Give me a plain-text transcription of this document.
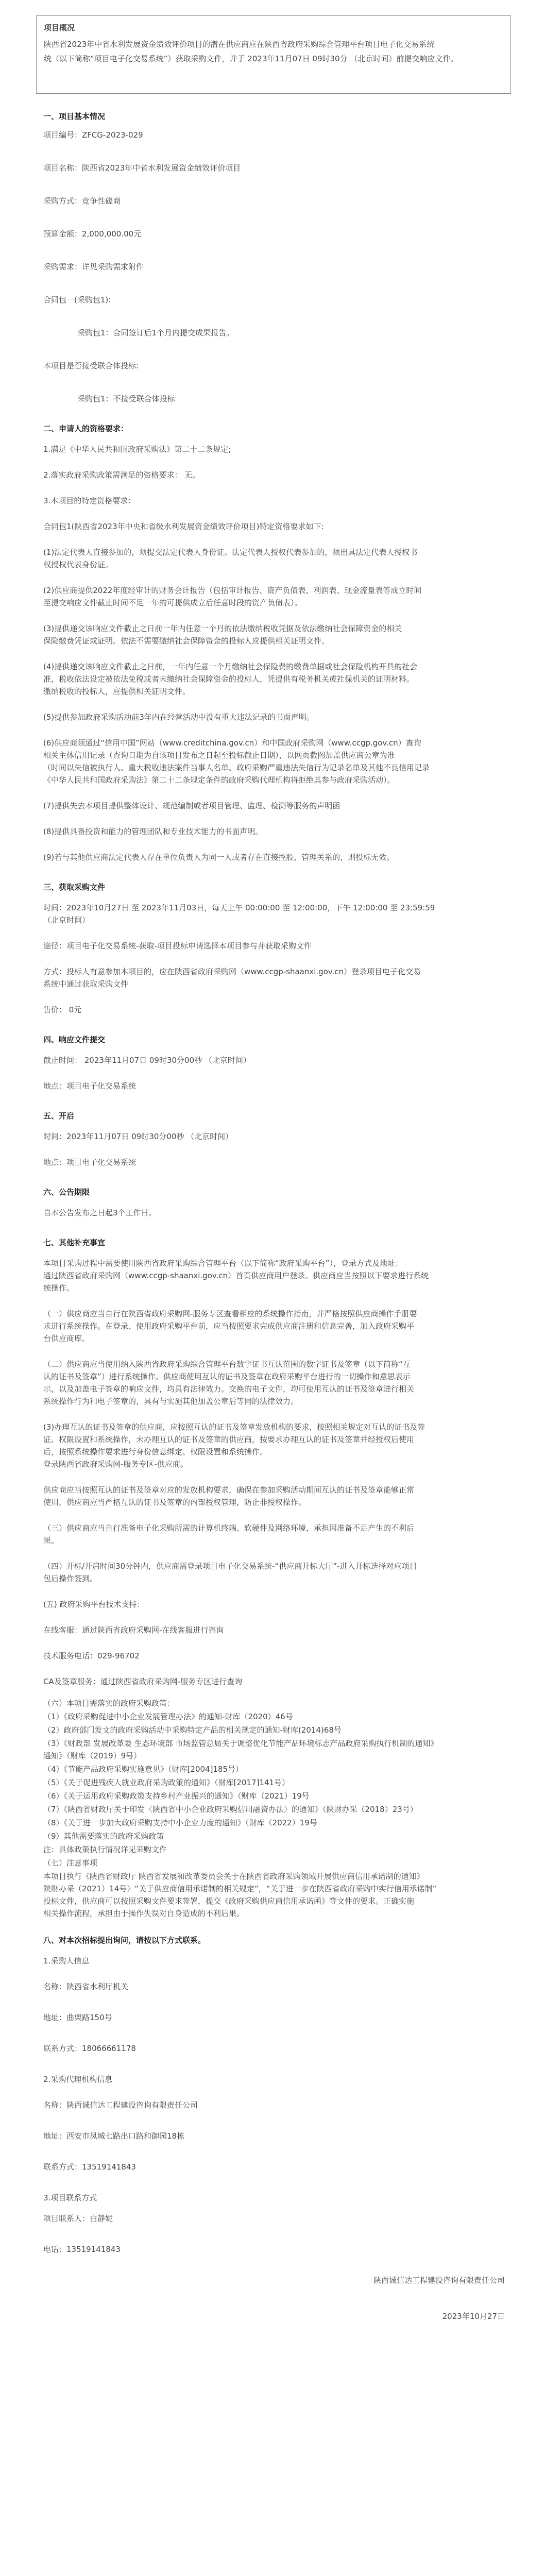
项目概况
陕西省2023年中省水利发展资金绩效评价项目的潜在供应商应在陕西省政府采购综合管理平台项目电子化交易系统
统（以下简称“项目电子化交易系统”）获取采购文件，并于 2023年11月07日 09时30分 （北京时间）前提交响应文件。
一、项目基本情况
项目编号：ZFCG-2023-029
项目名称：陕西省2023年中省水利发展资金绩效评价项目
采购方式：竞争性磋商
预算金额：2,000,000.00元
采购需求：详见采购需求附件
合同包一(采购包1):
采购包1：合同签订后1个月内提交成果报告。
本项目是否接受联合体投标:
采购包1：不接受联合体投标
二、申请人的资格要求：
1.满足《中华人民共和国政府采购法》第二十二条规定;
2.落实政府采购政策需满足的资格要求： 无。
3.本项目的特定资格要求：
合同包1(陕西省2023年中央和省级水利发展资金绩效评价项目)特定资格要求如下:
(1)法定代表人直接参加的，须提交法定代表人身份证。法定代表人授权代表参加的，须出具法定代表人授权书
权授权代表身份证。
(2)供应商提供2022年度经审计的财务会计报告（包括审计报告、资产负债表、利润表、现金流量表等成立时间
至提交响应文件截止时间不足一年的可提供成立后任意时段的资产负债表）。
(3)提供递交该响应文件截止之日前一年内任意一个月的依法缴纳税收凭据及依法缴纳社会保障资金的相关
保险缴费凭证或证明。依法不需要缴纳社会保障资金的投标人应提供相关证明文件。
(4)提供递交该响应文件截止之日前，一年内任意一个月缴纳社会保险费的缴费单据或社会保险机构开具的社会
准，税收依法设定被依法免税或者未缴纳社会保障资金的投标人，凭提供有税务机关或社保机关的证明材料。
缴纳税收的投标人，应提供相关证明文件。
(5)提供参加政府采购活动前3年内在经营活动中没有重大违法记录的书面声明。
(6)供应商须通过“信用中国”网站（www.creditchina.gov.cn）和中国政府采购网（www.ccgp.gov.cn）查询
相关主体信用记录（查询日期为自该项目发布之日起至投标截止日期），以网页截图加盖供应商公章为准
（时间以失信被执行人、重大税收违法案件当事人名单、政府采购严重违法失信行为记录名单及其他不良信用记录
《中华人民共和国政府采购法》第二十二条规定条件的政府采购代理机构将拒绝其参与政府采购活动）。
(7)提供失去本项目提供整体设计、规范编制或者项目管理、监理、检测等服务的声明函
(8)提供具备投资和能力的管理团队和专业技术能力的书面声明。
(9)若与其他供应商法定代表人存在单位负责人为同一人或者存在直接控股、管理关系的，则投标无效。
三、获取采购文件
时间：2023年10月27日 至 2023年11月03日，每天上午 00:00:00 至 12:00:00，下午 12:00:00 至 23:59:59
（北京时间）
途径：项目电子化交易系统-获取-项目投标申请选择本项目参与并获取采购文件
方式：投标人有意参加本项目的，应在陕西省政府采购网（www.ccgp-shaanxi.gov.cn）登录项目电子化交易
系统中通过获取采购文件
售价： 0元
四、响应文件提交
截止时间： 2023年11月07日 09时30分00秒 （北京时间）
地点：项目电子化交易系统
五、开启
时间：2023年11月07日 09时30分00秒 （北京时间）
地点：项目电子化交易系统
六、公告期限
自本公告发布之日起3个工作日。
七、其他补充事宜
本项目采购过程中需要使用陕西省政府采购综合管理平台（以下简称“政府采购平台”），登录方式及地址：
通过陕西省政府采购网（www.ccgp-shaanxi.gov.cn）首页供应商用户登录。供应商应当按照以下要求进行系统
统操作。
（一）供应商应当自行在陕西省政府采购网-服务专区查看相应的系统操作指南，并严格按照供应商操作手册要
求进行系统操作。在登录、使用政府采购平台前，应当按照要求完成供应商注册和信息完善，加入政府采购平
台供应商库。
（二）供应商应当使用纳入陕西省政府采购综合管理平台数字证书互认范围的数字证书及签章（以下简称“互
认的证书及签章”）进行系统操作。供应商使用互认的证书及签章在政府采购平台进行的一切操作和意思表示
示，以及加盖电子签章的响应文件，均具有法律效力。交换的电子文件，均可使用互认的证书及签章进行相关
系统操作行为和电子签章的，具有与实施其他加盖公章后等同的法律效力。
(3)办理互认的证书及签章的供应商，应按照互认的证书及签章发放机构的要求，按照相关规定对互认的证书及签
证、权限设置和系统操作，未办理互认的证书及签章的供应商，按要求办理互认的证书及签章并经授权后使用
后，按照系统操作要求进行身份信息绑定、权限设置和系统操作。
登录陕西省政府采购网-服务专区-供应商。
供应商应当按照互认的证书及签章对应的发放机构要求，确保在参加采购活动期间互认的证书及签章能够正常
使用，供应商应当严格互认的证书及签章的内部授权管理，防止非授权操作。
（三）供应商应当自行准备电子化采购所需的计算机终端、软硬件及网络环境，承担因准备不足产生的不利后
果。
（四）开标/开启时间30分钟内，供应商需登录项目电子化交易系统-“供应商开标大厅”-进入开标选择对应项目
包后操作签到。
(五) 政府采购平台技术支持：
在线客服：通过陕西省政府采购网-在线客服进行咨询
技术服务电话：029-96702
CA及签章服务：通过陕西省政府采购网-服务专区进行查询
（六）本项目需落实的政府采购政策：
（1）《政府采购促进中小企业发展管理办法》的通知-财库（2020）46号
（2）政府部门发文的政府采购活动中采购特定产品的相关规定的通知-财库(2014)68号
（3）《财政部 发展改革委 生态环境部 市场监管总局关于调整优化节能产品环境标志产品政府采购执行机制的通知》
通知》（财库（2019）9号）
（4）《节能产品政府采购实施意见》（财库[2004]185号）
（5）《关于促进残疾人就业政府采购政策的通知》（财库[2017]141号）
（6）《关于运用政府采购政策支持乡村产业振兴的通知》（财库（2021）19号
（7）《陕西省财政厅关于印发〈陕西省中小企业政府采购信用融资办法〉的通知》（陕财办采（2018）23号）
（8）《关于进一步加大政府采购支持中小企业力度的通知》（财库（2022）19号
（9）其他需要落实的政府采购政策
注：具体政策执行情况详见采购文件
（七）注意事项
本项目执行《陕西省财政厅 陕西省发展和改革委员会关于在陕西省政府采购领域开展供应商信用承诺制的通知》
陕财办采（2021）14号）“关于供应商信用承诺制的相关规定”，“关于进一步在陕西省政府采购中实行信用承诺制”
投标文件，供应商可以按照采购文件要求签署，提交《政府采购供应商信用承诺函》等文件的要求。正确实施
相关操作流程，承担由于操作失误对自身造成的不利后果。
八、对本次招标提出询问，请按以下方式联系。
1.采购人信息
名称：陕西省水利厅机关
地址：曲栗路150号
联系方式：18066661178
2.采购代理机构信息
名称：陕西诚信达工程建设咨询有限责任公司
地址：西安市凤城七路出口路和御园18栋
联系方式：13519141843
3.项目联系方式
项目联系人：白静妮
电话：13519141843
陕西诚信达工程建设咨询有限责任公司
2023年10月27日
